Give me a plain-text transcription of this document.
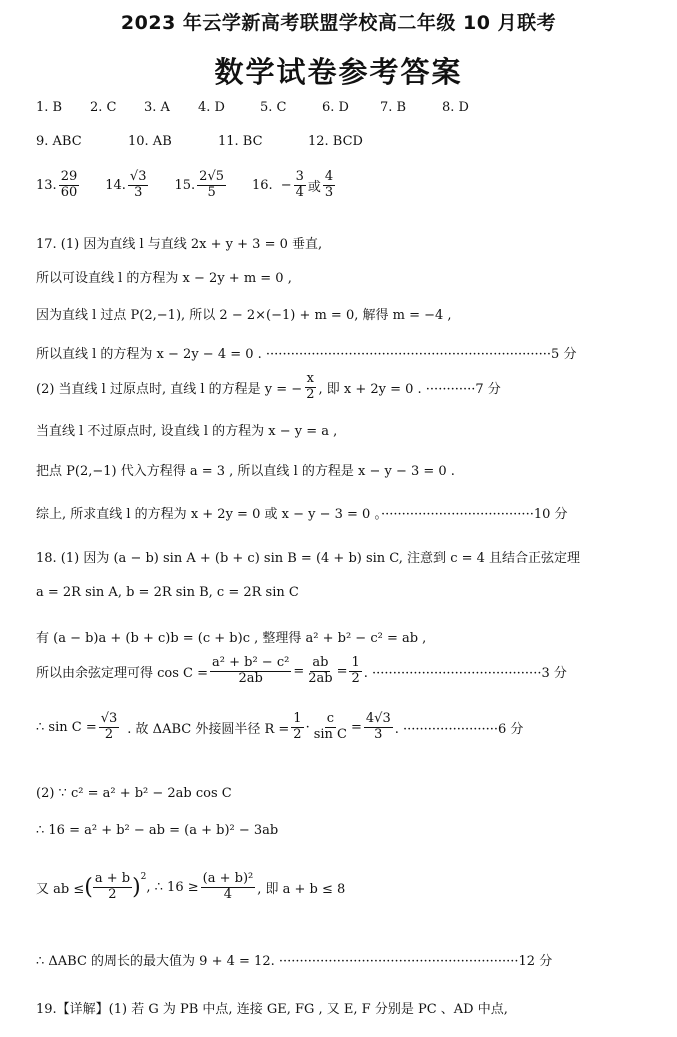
2023 年云学新高考联盟学校高二年级 10 月联考
数学试卷参考答案
1. B	2. C	3. A	4. D	5. C	6. D	7. B	8. D
9. ABC	10. AB	11. BC	12. BCD
13. $\frac{29}{60} 14$. $\frac{√3}{3} 15$. $\frac{2√5}{5} 16$. − $\frac{3}{4}$ 或 $\frac{4}{3}$
17. (1) 因为直线 l 与直线 2x + y + 3 = 0 垂直,
所以可设直线 l 的方程为 x − 2y + m = 0 ,
因为直线 l 过点 P(2,−1), 所以 2 − 2×(−1) + m = 0, 解得 m = −4 ,
所以直线 l 的方程为 x − 2y − 4 = 0 . ·····································································5 分
(2) 当直线 l 过原点时, 直线 l 的方程是 y = − $\frac{x}{2}$ , 即 x + 2y = 0 . ············7 分
当直线 l 不过原点时, 设直线 l 的方程为 x − y = a ,
把点 P(2,−1) 代入方程得 a = 3 , 所以直线 l 的方程是 x − y − 3 = 0 .
综上, 所求直线 l 的方程为 x + 2y = 0 或 x − y − 3 = 0 。·····································10 分
18. (1) 因为 (a − b) sin A + (b + c) sin B = (4 + b) sin C, 注意到 c = 4 且结合正弦定理
a = 2R sin A, b = 2R sin B, c = 2R sin C
有 (a − b)a + (b + c)b = (c + b)c , 整理得 a² + b² − c² = ab ,
所以由余弦定理可得 $\cos C = \frac{\text{a² + b² − c²}}{2ab} = \frac{ab}{2ab} = \frac{1}{2}$ . ·········································3 分
∴ $\sin C = \frac{√3}{2}$ . 故 ΔABC 外接圆半径 $R = \frac{1}{2} \cdot \frac{c}{\text{sin C}} = \frac{4√3}{3}$ . ·······················6 分
(2) ∵ c² = a² + b² − 2ab cos C
∴ 16 = a² + b² − ab = (a + b)² − 3ab
又 ab ≤ ( $\frac{a + b}{2}$ ) 2
, ∴ $16 \ge \frac{\text{(a + b)²}}{4}$ , 即 a + b ≤ 8
∴ ΔABC 的周长的最大值为 9 + 4 = 12. ··························································12 分
19.【详解】(1) 若 G 为 PB 中点, 连接 GE, FG , 又 E, F 分别是 PC 、AD 中点,
